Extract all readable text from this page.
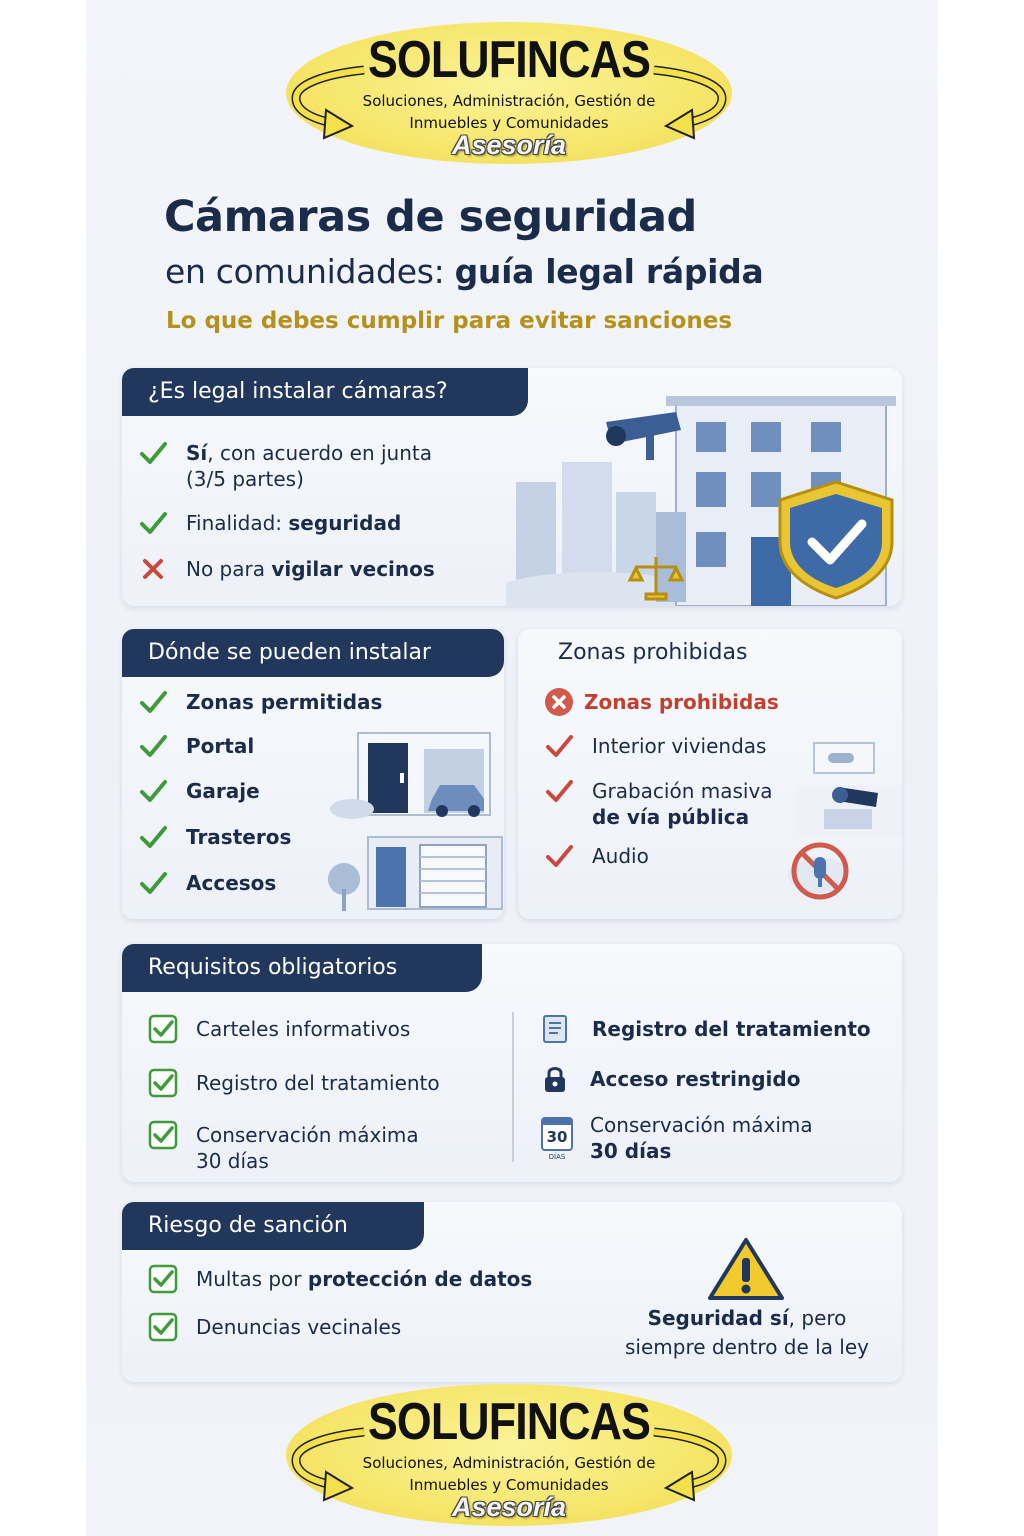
SOLUFINCAS
Soluciones, Administración, Gestión de Inmuebles y Comunidades
Asesoría
Cámaras de seguridad
en comunidades: guía legal rápida
Lo que debes cumplir para evitar sanciones
¿Es legal instalar cámaras?
Sí, con acuerdo en junta
(3/5 partes)
Finalidad: seguridad
No para vigilar vecinos
Dónde se pueden instalar
Zonas permitidas
Portal
Garaje
Trasteros
Accesos
Zonas prohibidas
Zonas prohibidas
Interior viviendas
Grabación masiva
de vía pública
Audio
Requisitos obligatorios
Carteles informativos
Registro del tratamiento
Conservación máxima
30 días
Registro del tratamiento
Acceso restringido
30
DÍAS
Conservación máxima
30 días
Riesgo de sanción
Multas por protección de datos
Denuncias vecinales	Seguridad sí, pero
siempre dentro de la ley
SOLUFINCAS
Soluciones, Administración, Gestión de Inmuebles y Comunidades
Asesoría
